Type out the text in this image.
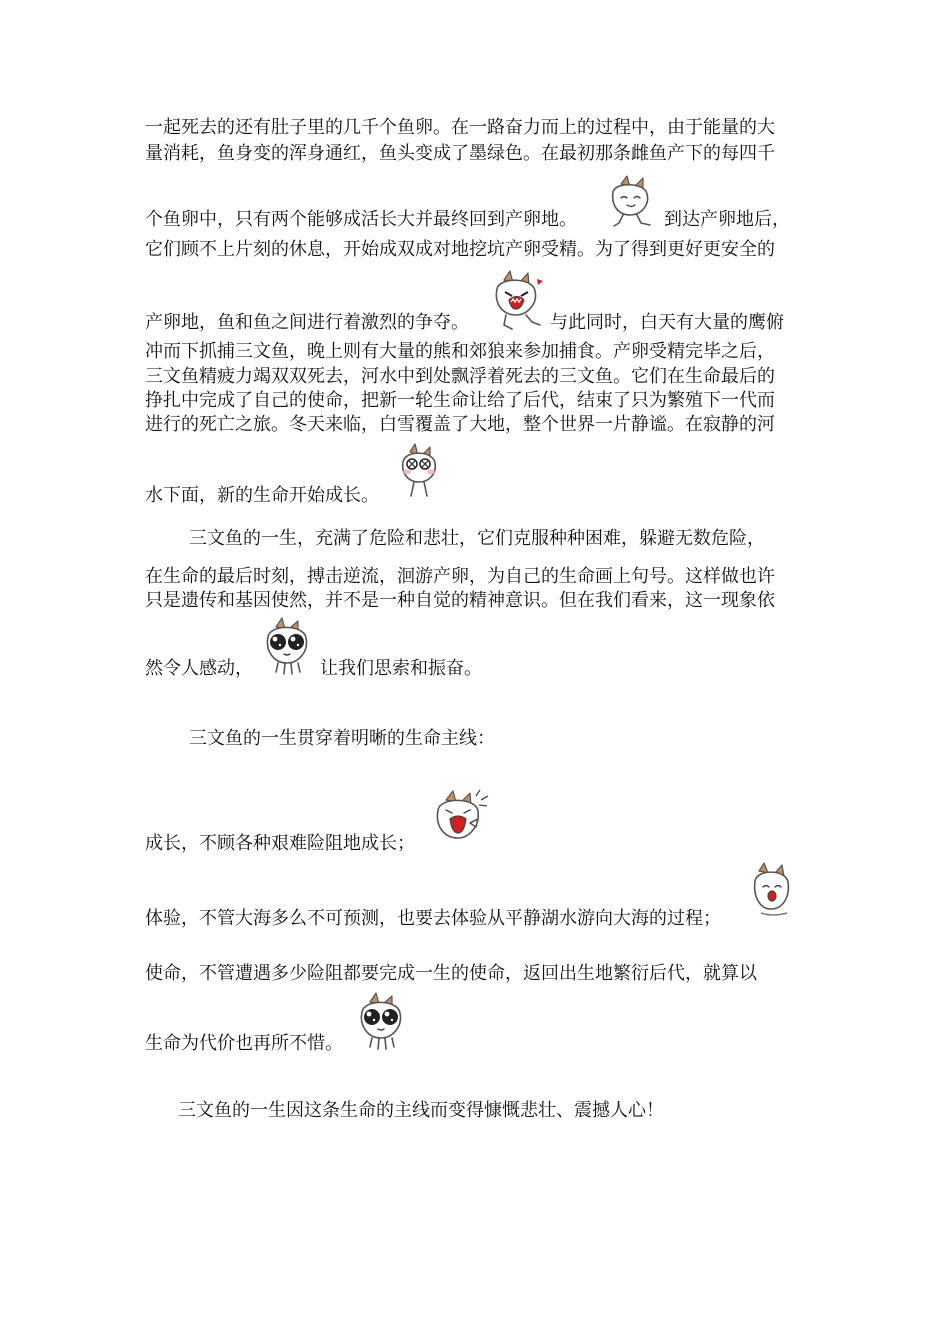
一起死去的还有肚子里的几千个鱼卵。在一路奋力而上的过程中，由于能量的大
量消耗，鱼身变的浑身通红，鱼头变成了墨绿色。在最初那条雌鱼产下的每四千
个鱼卵中，只有两个能够成活长大并最终回到产卵地。	到达产卵地后，
它们顾不上片刻的休息，开始成双成对地挖坑产卵受精。为了得到更好更安全的
产卵地，鱼和鱼之间进行着激烈的争夺。	与此同时，白天有大量的鹰俯
冲而下抓捕三文鱼，晚上则有大量的熊和郊狼来参加捕食。产卵受精完毕之后，
三文鱼精疲力竭双双死去，河水中到处飘浮着死去的三文鱼。它们在生命最后的
挣扎中完成了自己的使命，把新一轮生命让给了后代，结束了只为繁殖下一代而
进行的死亡之旅。冬天来临，白雪覆盖了大地，整个世界一片静谧。在寂静的河
水下面，新的生命开始成长。
三文鱼的一生，充满了危险和悲壮，它们克服种种困难，躲避无数危险，
在生命的最后时刻，搏击逆流，洄游产卵，为自己的生命画上句号。这样做也许
只是遗传和基因使然，并不是一种自觉的精神意识。但在我们看来，这一现象依
然令人感动，	让我们思索和振奋。
三文鱼的一生贯穿着明晰的生命主线：
成长，不顾各种艰难险阻地成长；
体验，不管大海多么不可预测，也要去体验从平静湖水游向大海的过程；
使命，不管遭遇多少险阻都要完成一生的使命，返回出生地繁衍后代，就算以
生命为代价也再所不惜。
三文鱼的一生因这条生命的主线而变得慷慨悲壮、震撼人心！
